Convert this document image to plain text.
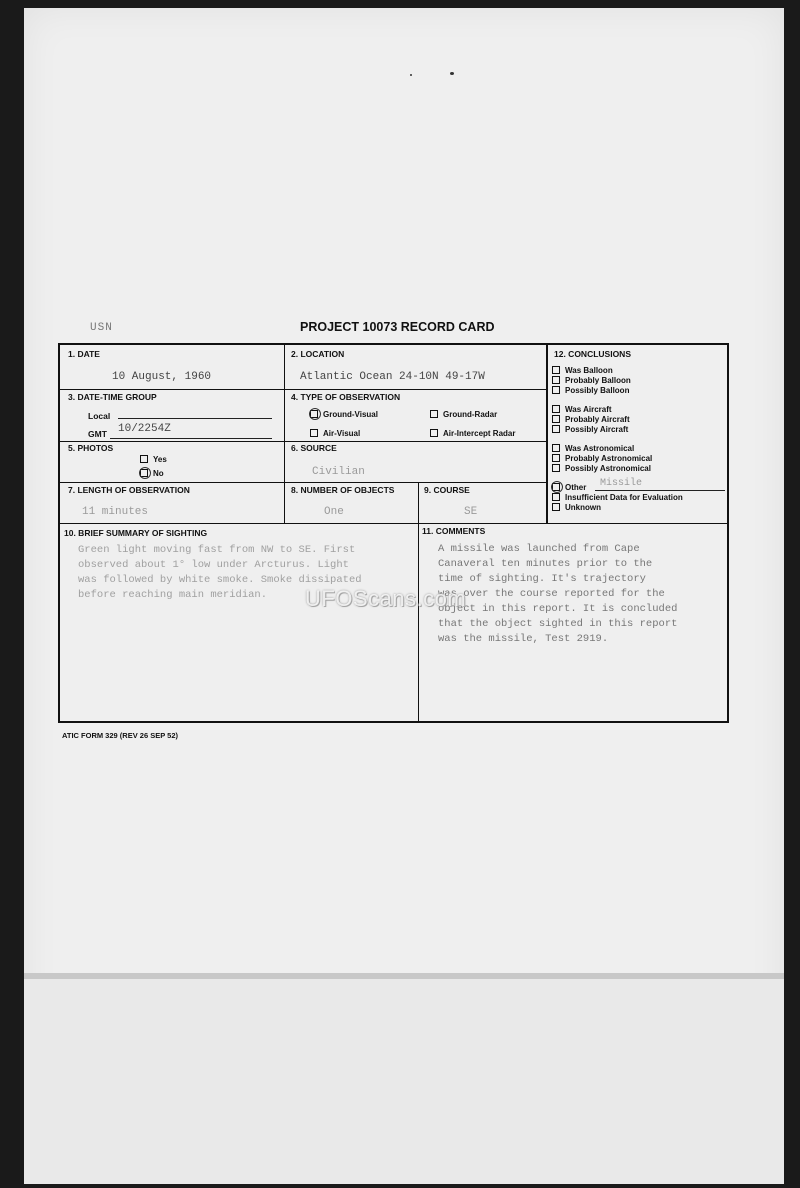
USN	PROJECT 10073 RECORD CARD
1. DATE
10 August, 1960
2. LOCATION
Atlantic Ocean 24-10N 49-17W
3. DATE-TIME GROUP
Local
GMT 10/2254Z
4. TYPE OF OBSERVATION
Ground-Visual	Ground-Radar
Air-Visual	Air-Intercept Radar
5. PHOTOS
Yes
No
6. SOURCE
Civilian
7. LENGTH OF OBSERVATION
11 minutes
8. NUMBER OF OBJECTS
One
9. COURSE
SE
12. CONCLUSIONS
Was Balloon
Probably Balloon
Possibly Balloon
Was Aircraft
Probably Aircraft
Possibly Aircraft
Was Astronomical
Probably Astronomical
Possibly Astronomical
Other Missile
Insufficient Data for Evaluation
Unknown
10. BRIEF SUMMARY OF SIGHTING
Green light moving fast from NW to SE. First
observed about 1° low under Arcturus. Light
was followed by white smoke. Smoke dissipated
before reaching main meridian.
11. COMMENTS
A missile was launched from Cape
Canaveral ten minutes prior to the
time of sighting. It's trajectory
was over the course reported for the
object in this report. It is concluded
that the object sighted in this report
was the missile, Test 2919.
UFOScans.com
ATIC FORM 329 (REV 26 SEP 52)
